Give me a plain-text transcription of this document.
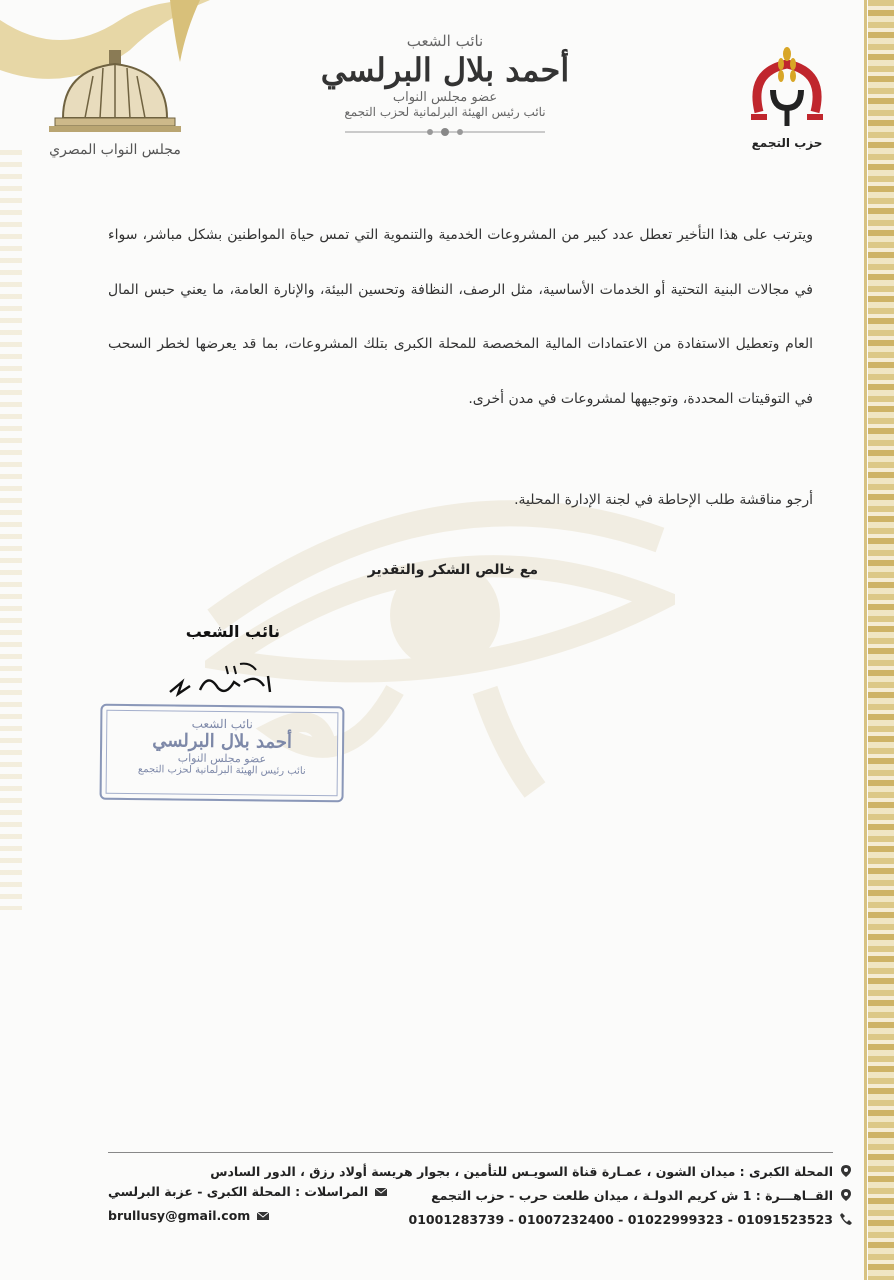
مجلس النواب المصري
نائب الشعب
أحمد بلال البرلسي
عضو مجلس النواب
نائب رئيس الهيئة البرلمانية لحزب التجمع
حزب التجمع
ويترتب على هذا التأخير تعطل عدد كبير من المشروعات الخدمية والتنموية التي تمس حياة المواطنين بشكل مباشر، سواء في مجالات البنية التحتية أو الخدمات الأساسية، مثل الرصف، النظافة وتحسين البيئة، والإنارة العامة، ما يعني حبس المال العام وتعطيل الاستفادة من الاعتمادات المالية المخصصة للمحلة الكبرى بتلك المشروعات، بما قد يعرضها لخطر السحب في التوقيتات المحددة، وتوجيهها لمشروعات في مدن أخرى.
أرجو مناقشة طلب الإحاطة في لجنة الإدارة المحلية.
مع خالص الشكر والتقدير
نائب الشعب
نائب الشعب
أحمد بلال البرلسي
عضو مجلس النواب
نائب رئيس الهيئة البرلمانية لحزب التجمع
المحلة الكبرى : ميدان الشون ، عمـارة قناة السويـس للتأمين ، بجوار هريسة أولاد رزق ، الدور السادس
القــاهـــرة : 1 ش كريم الدولـة ، ميدان طلعت حرب - حزب التجمع
المراسلات : المحلة الكبرى - عزبة البرلسي
01091523523 - 01022999323 - 01007232400 - 01001283739
brullusy@gmail.com
